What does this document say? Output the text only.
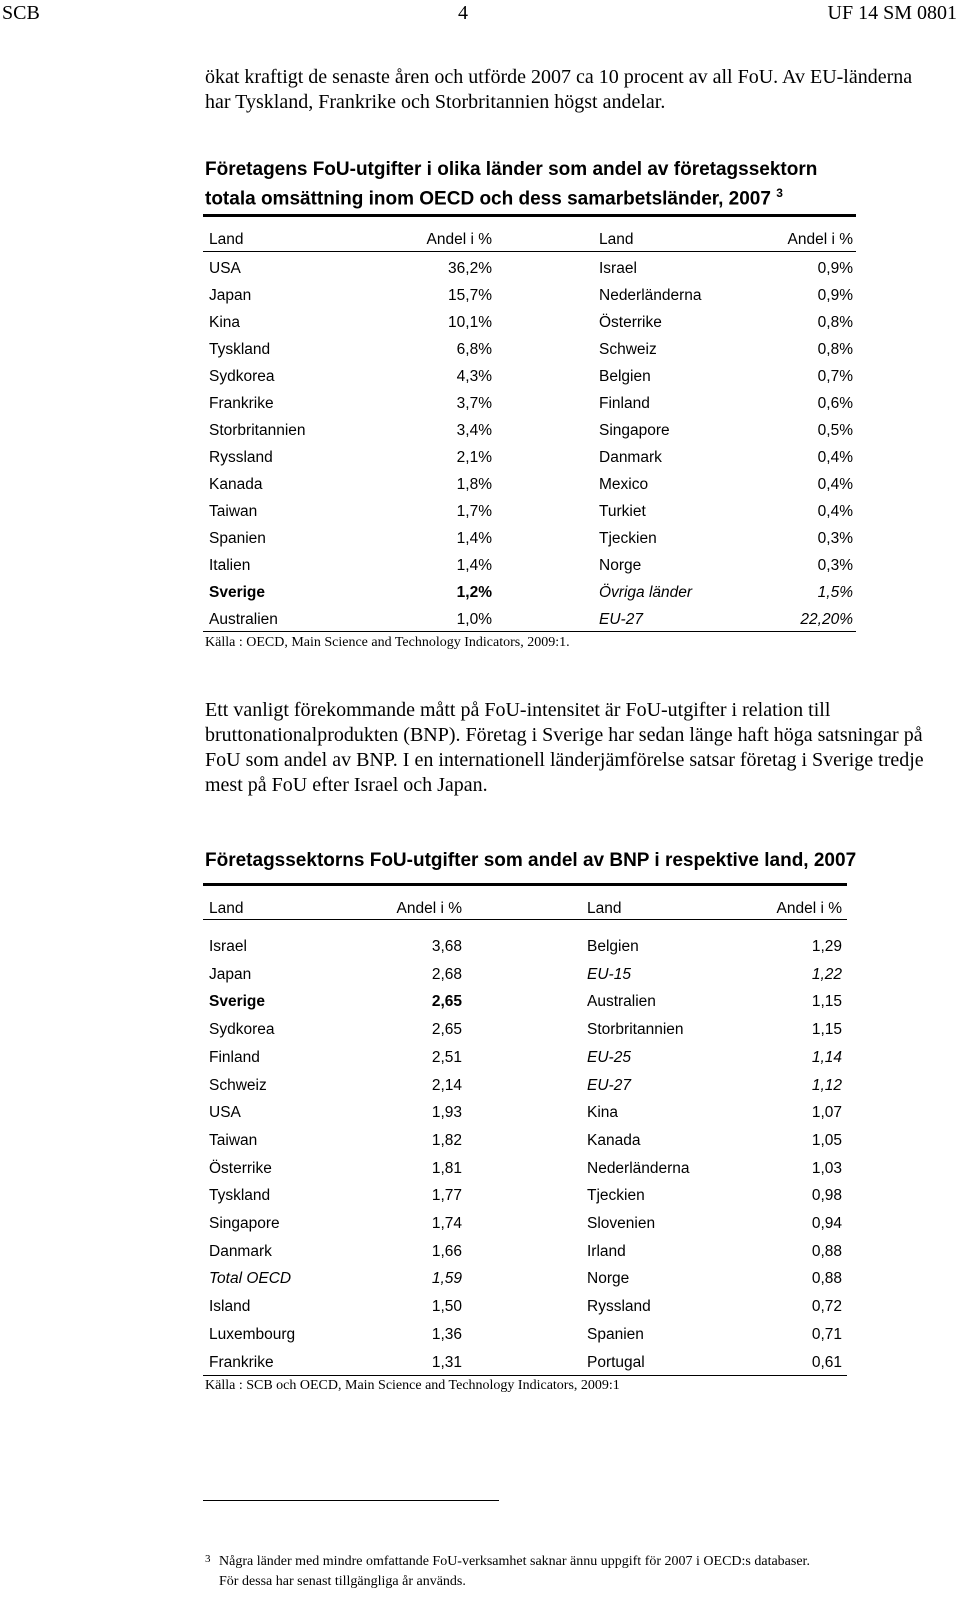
SCB	4	UF 14 SM 0801
ökat kraftigt de senaste åren och utförde 2007 ca 10 procent av all FoU. Av EU-länderna har Tyskland, Frankrike och Storbritannien högst andelar.
Företagens FoU-utgifter i olika länder som andel av företagssektorn
totala omsättning inom OECD och dess samarbetsländer, 2007 $^3$
Land	Andel i %	Land	Andel i %
USA	36,2%	Israel	0,9%
Japan	15,7%	Nederländerna	0,9%
Kina	10,1%	Österrike	0,8%
Tyskland	6,8%	Schweiz	0,8%
Sydkorea	4,3%	Belgien	0,7%
Frankrike	3,7%	Finland	0,6%
Storbritannien	3,4%	Singapore	0,5%
Ryssland	2,1%	Danmark	0,4%
Kanada	1,8%	Mexico	0,4%
Taiwan	1,7%	Turkiet	0,4%
Spanien	1,4%	Tjeckien	0,3%
Italien	1,4%	Norge	0,3%
Sverige	1,2%	Övriga länder	1,5%
Australien	1,0%	EU-27	22,20%
Källa : OECD, Main Science and Technology Indicators, 2009:1.
Ett vanligt förekommande mått på FoU-intensitet är FoU-utgifter i relation till bruttonationalprodukten (BNP). Företag i Sverige har sedan länge haft höga satsningar på FoU som andel av BNP. I en internationell länderjämförelse satsar företag i Sverige tredje mest på FoU efter Israel och Japan.
Företagssektorns FoU-utgifter som andel av BNP i respektive land, 2007
Land	Andel i %	Land	Andel i %
Israel	3,68	Belgien	1,29
Japan	2,68	EU-15	1,22
Sverige	2,65	Australien	1,15
Sydkorea	2,65	Storbritannien	1,15
Finland	2,51	EU-25	1,14
Schweiz	2,14	EU-27	1,12
USA	1,93	Kina	1,07
Taiwan	1,82	Kanada	1,05
Österrike	1,81	Nederländerna	1,03
Tyskland	1,77	Tjeckien	0,98
Singapore	1,74	Slovenien	0,94
Danmark	1,66	Irland	0,88
Total OECD	1,59	Norge	0,88
Island	1,50	Ryssland	0,72
Luxembourg	1,36	Spanien	0,71
Frankrike	1,31	Portugal	0,61
Källa : SCB och OECD, Main Science and Technology Indicators, 2009:1
3 Några länder med mindre omfattande FoU-verksamhet saknar ännu uppgift för 2007 i OECD:s databaser.
För dessa har senast tillgängliga år används.
